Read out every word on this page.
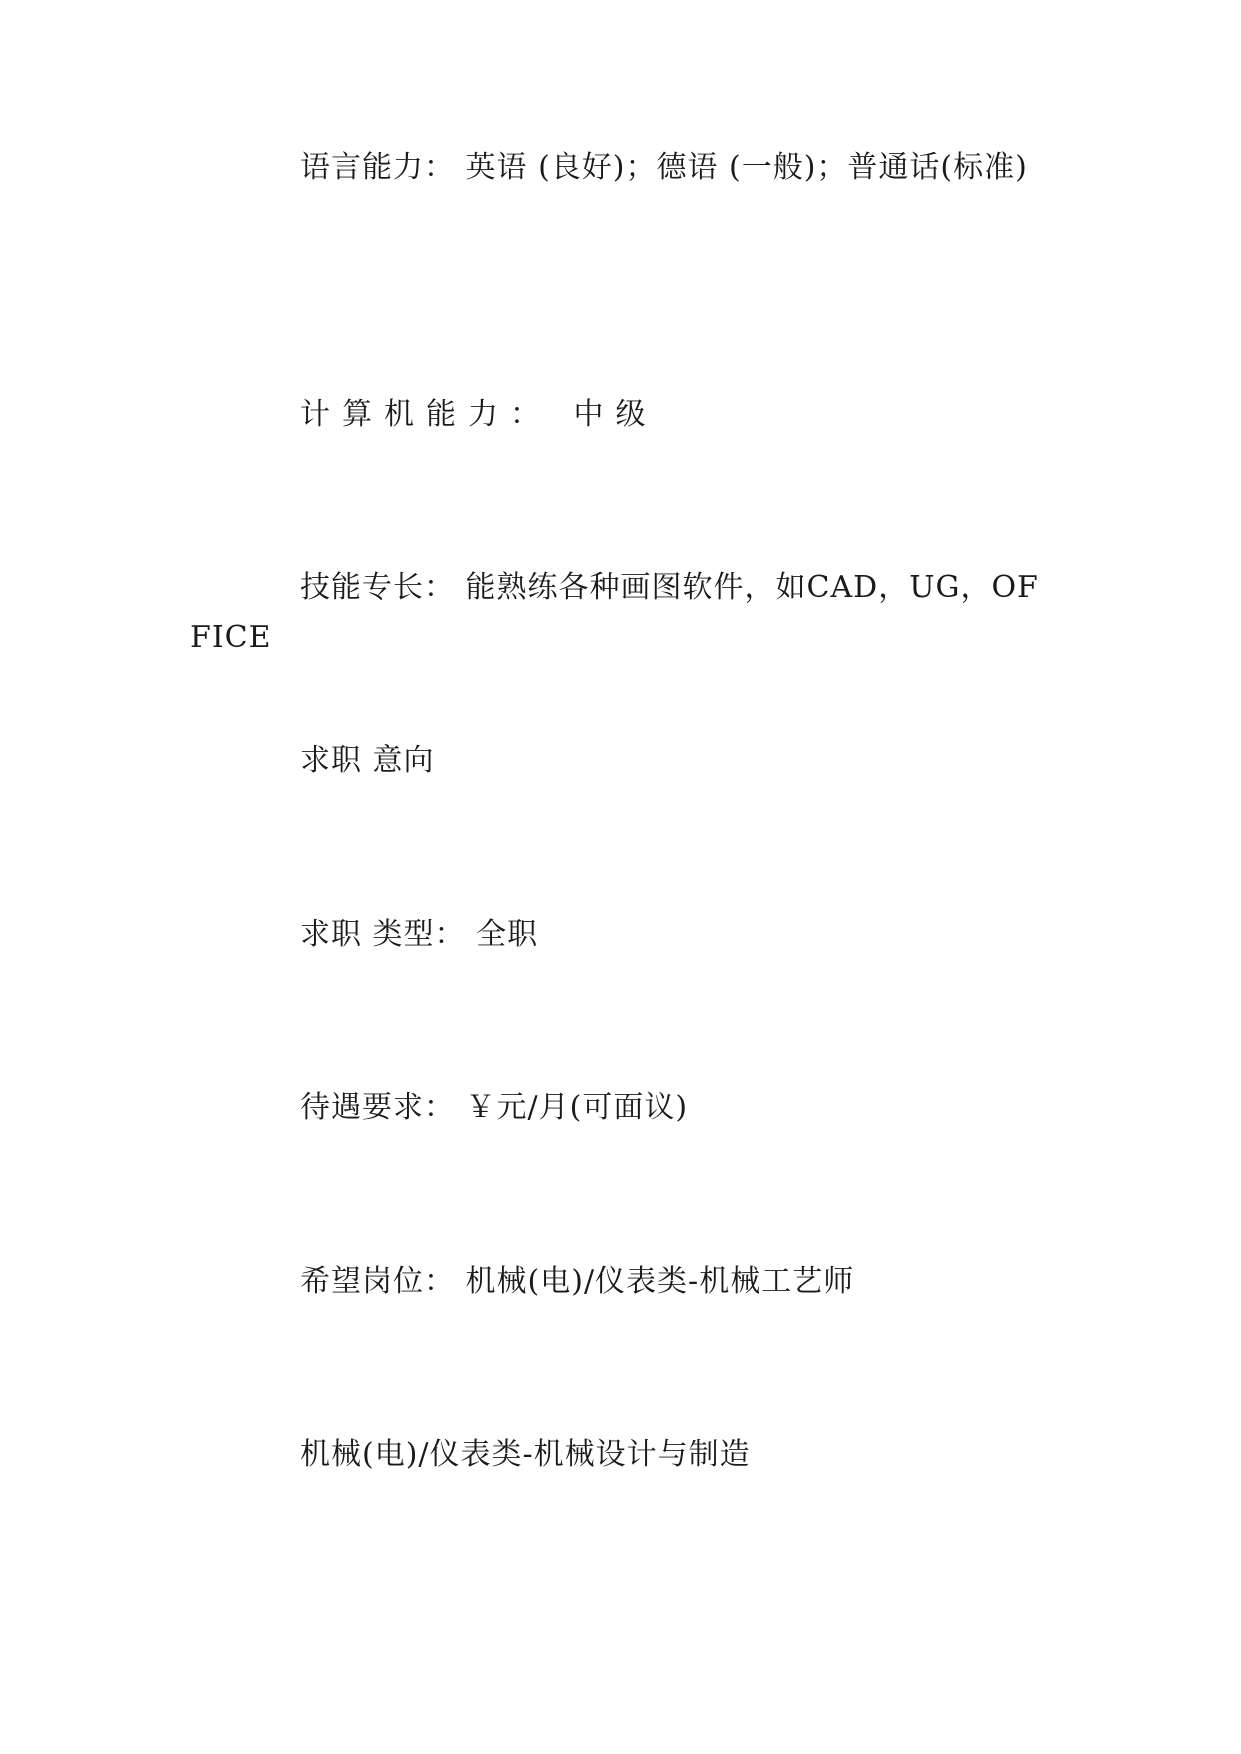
语言能力： 英语 (良好)；德语 (一般)；普通话(标准)

计算机能力： 中级

技能专长： 能熟练各种画图软件，如CAD，UG，OFFICE

求职 意向

求职 类型： 全职

待遇要求： ￥元/月(可面议)

希望岗位： 机械(电)/仪表类-机械工艺师

机械(电)/仪表类-机械设计与制造
